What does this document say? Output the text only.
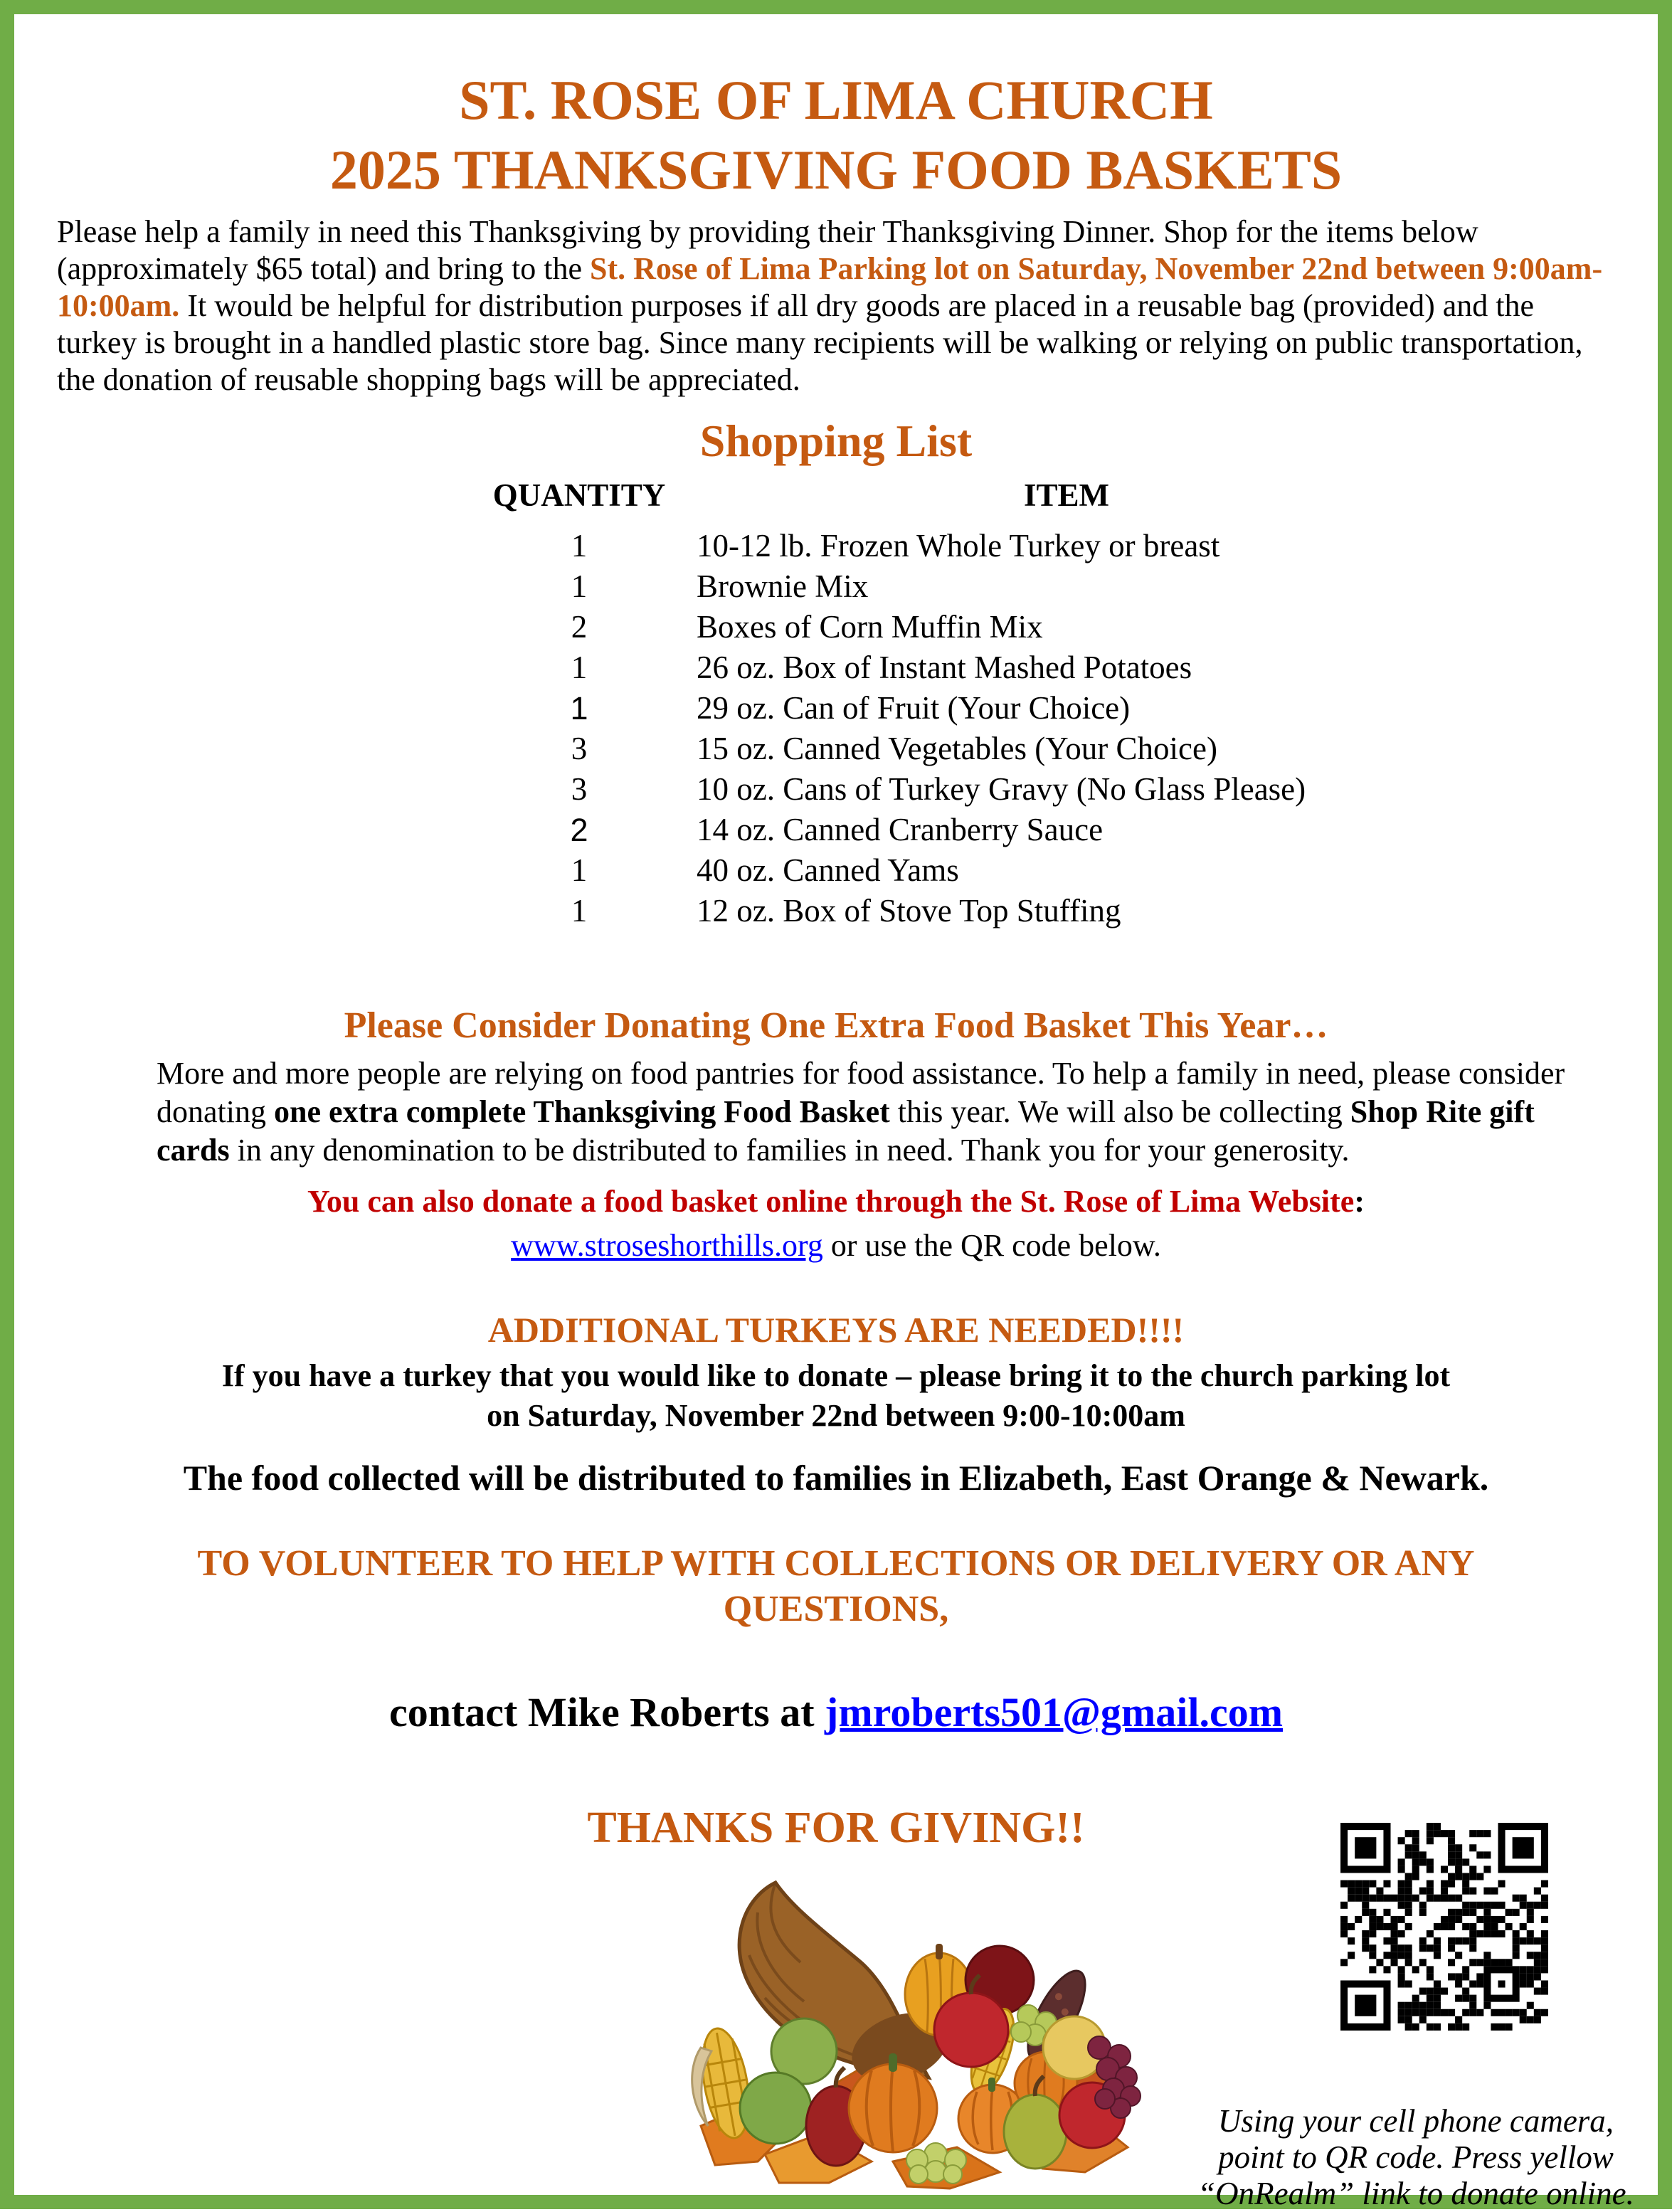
ST. ROSE OF LIMA CHURCH
2025 THANKSGIVING FOOD BASKETS

Please help a family in need this Thanksgiving by providing their Thanksgiving Dinner. Shop for the items below (approximately $65 total) and bring to the St. Rose of Lima Parking lot on Saturday, November 22nd between 9:00am-10:00am. It would be helpful for distribution purposes if all dry goods are placed in a reusable bag (provided) and the turkey is brought in a handled plastic store bag. Since many recipients will be walking or relying on public transportation, the donation of reusable shopping bags will be appreciated.

Shopping List
QUANTITY	ITEM
1	10-12 lb. Frozen Whole Turkey or breast
1	Brownie Mix
2	Boxes of Corn Muffin Mix
1	26 oz. Box of Instant Mashed Potatoes
1	29 oz. Can of Fruit (Your Choice)
3	15 oz. Canned Vegetables (Your Choice)
3	10 oz. Cans of Turkey Gravy (No Glass Please)
2	14 oz. Canned Cranberry Sauce
1	40 oz. Canned Yams
1	12 oz. Box of Stove Top Stuffing
Please Consider Donating One Extra Food Basket This Year…

More and more people are relying on food pantries for food assistance. To help a family in need, please consider donating one extra complete Thanksgiving Food Basket this year. We will also be collecting Shop Rite gift cards in any denomination to be distributed to families in need. Thank you for your generosity.

You can also donate a food basket online through the St. Rose of Lima Website:
www.stroseshorthills.org or use the QR code below.
ADDITIONAL TURKEYS ARE NEEDED!!!!
If you have a turkey that you would like to donate – please bring it to the church parking lot
on Saturday, November 22nd between 9:00-10:00am
The food collected will be distributed to families in Elizabeth, East Orange & Newark.
TO VOLUNTEER TO HELP WITH COLLECTIONS OR DELIVERY OR ANY
QUESTIONS,
contact Mike Roberts at jmroberts501@gmail.com
THANKS FOR GIVING!!
Using your cell phone camera,
point to QR code. Press yellow
“OnRealm” link to donate online.
